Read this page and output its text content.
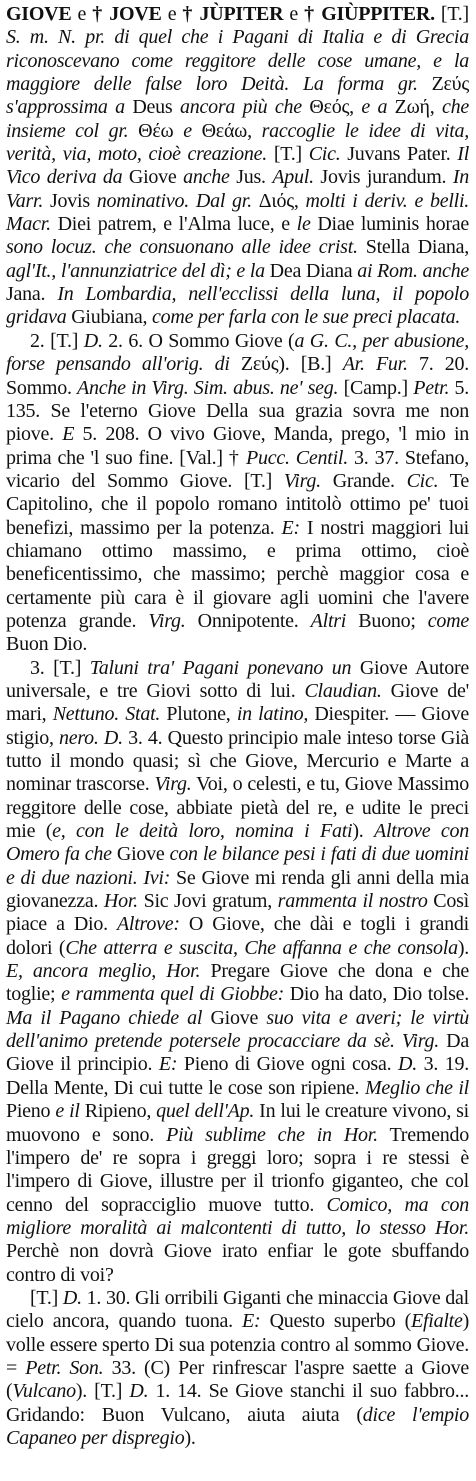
GIOVE e † JOVE e † JÙPITER e † GIÙPPITER. [T.] S. m. N. pr. di quel che i Pagani di Italia e di Grecia riconoscevano come reggitore delle cose umane, e la maggiore delle false loro Deità. La forma gr. Ζεύς s'approssima a Deus ancora più che Θεός, e a Ζωή, che insieme col gr. Θέω e Θεάω, raccoglie le idee di vita, verità, via, moto, cioè creazione. [T.] Cic. Juvans Pater. Il Vico deriva da Giove anche Jus. Apul. Jovis jurandum. In Varr. Jovis nominativo. Dal gr. Διός, molti i deriv. e belli. Macr. Diei patrem, e l'Alma luce, e le Diae luminis horae sono locuz. che consuonano alle idee crist. Stella Diana, agl'It., l'annunziatrice del dì; e la Dea Diana ai Rom. anche Jana. In Lombardia, nell'ecclissi della luna, il popolo gridava Giubiana, come per farla con le sue preci placata.

2. [T.] D. 2. 6. O Sommo Giove (a G. C., per abusione, forse pensando all'orig. di Ζεύς). [B.] Ar. Fur. 7. 20. Sommo. Anche in Virg. Sim. abus. ne' seg. [Camp.] Petr. 5. 135. Se l'eterno Giove Della sua grazia sovra me non piove. E 5. 208. O vivo Giove, Manda, prego, 'l mio in prima che 'l suo fine. [Val.] † Pucc. Centil. 3. 37. Stefano, vicario del Sommo Giove. [T.] Virg. Grande. Cic. Te Capitolino, che il popolo romano intitolò ottimo pe' tuoi benefizi, massimo per la potenza. E: I nostri maggiori lui chiamano ottimo massimo, e prima ottimo, cioè beneficentissimo, che massimo; perchè maggior cosa e certamente più cara è il giovare agli uomini che l'avere potenza grande. Virg. Onnipotente. Altri Buono; come Buon Dio.

3. [T.] Taluni tra' Pagani ponevano un Giove Autore universale, e tre Giovi sotto di lui. Claudian. Giove de' mari, Nettuno. Stat. Plutone, in latino, Diespiter. — Giove stigio, nero. D. 3. 4. Questo principio male inteso torse Già tutto il mondo quasi; sì che Giove, Mercurio e Marte a nominar trascorse. Virg. Voi, o celesti, e tu, Giove Massimo reggitore delle cose, abbiate pietà del re, e udite le preci mie (e, con le deità loro, nomina i Fati). Altrove con Omero fa che Giove con le bilance pesi i fati di due uomini e di due nazioni. Ivi: Se Giove mi renda gli anni della mia giovanezza. Hor. Sic Jovi gratum, rammenta il nostro Così piace a Dio. Altrove: O Giove, che dài e togli i grandi dolori (Che atterra e suscita, Che affanna e che consola). E, ancora meglio, Hor. Pregare Giove che dona e che toglie; e rammenta quel di Giobbe: Dio ha dato, Dio tolse. Ma il Pagano chiede al Giove suo vita e averi; le virtù dell'animo pretende potersele procacciare da sè. Virg. Da Giove il principio. E: Pieno di Giove ogni cosa. D. 3. 19. Della Mente, Di cui tutte le cose son ripiene. Meglio che il Pieno e il Ripieno, quel dell'Ap. In lui le creature vivono, si muovono e sono. Più sublime che in Hor. Tremendo l'impero de' re sopra i greggi loro; sopra i re stessi è l'impero di Giove, illustre per il trionfo giganteo, che col cenno del sopracciglio muove tutto. Comico, ma con migliore moralità ai malcontenti di tutto, lo stesso Hor. Perchè non dovrà Giove irato enfiar le gote sbuffando contro di voi?

[T.] D. 1. 30. Gli orribili Giganti che minaccia Giove dal cielo ancora, quando tuona. E: Questo superbo (Efialte) volle essere sperto Di sua potenzia contro al sommo Giove. = Petr. Son. 33. (C) Per rinfrescar l'aspre saette a Giove (Vulcano). [T.] D. 1. 14. Se Giove stanchi il suo fabbro... Gridando: Buon Vulcano, aiuta aiuta (dice l'empio Capaneo per dispregio).
